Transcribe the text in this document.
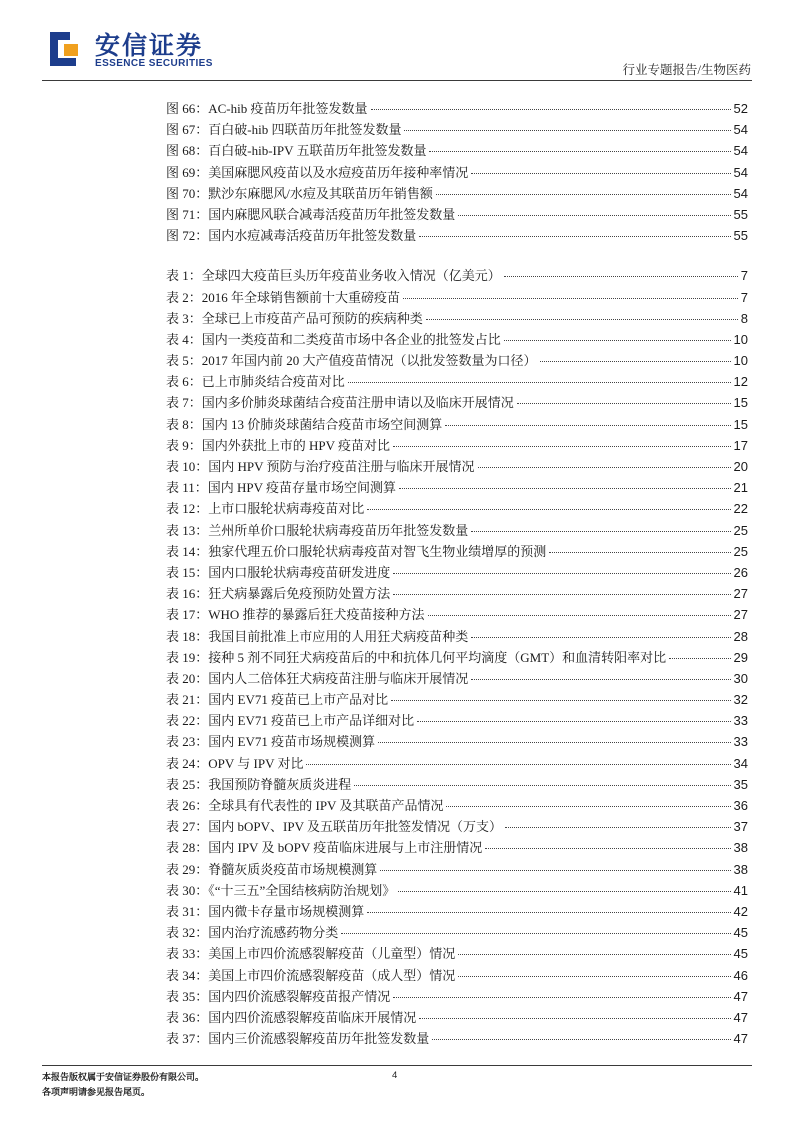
安信证券
ESSENCE SECURITIES	行业专题报告/生物医药
图 66：AC-hib 疫苗历年批签发数量	52
图 67：百白破-hib 四联苗历年批签发数量	54
图 68：百白破-hib-IPV 五联苗历年批签发数量	54
图 69：美国麻腮风疫苗以及水痘疫苗历年接种率情况	54
图 70：默沙东麻腮风/水痘及其联苗历年销售额	54
图 71：国内麻腮风联合减毒活疫苗历年批签发数量	55
图 72：国内水痘减毒活疫苗历年批签发数量	55
表 1：全球四大疫苗巨头历年疫苗业务收入情况（亿美元）	7
表 2：2016 年全球销售额前十大重磅疫苗	7
表 3：全球已上市疫苗产品可预防的疾病种类	8
表 4：国内一类疫苗和二类疫苗市场中各企业的批签发占比	10
表 5：2017 年国内前 20 大产值疫苗情况（以批发签数量为口径）	10
表 6：已上市肺炎结合疫苗对比	12
表 7：国内多价肺炎球菌结合疫苗注册申请以及临床开展情况	15
表 8：国内 13 价肺炎球菌结合疫苗市场空间测算	15
表 9：国内外获批上市的 HPV 疫苗对比	17
表 10：国内 HPV 预防与治疗疫苗注册与临床开展情况	20
表 11：国内 HPV 疫苗存量市场空间测算	21
表 12：上市口服轮状病毒疫苗对比	22
表 13：兰州所单价口服轮状病毒疫苗历年批签发数量	25
表 14：独家代理五价口服轮状病毒疫苗对智飞生物业绩增厚的预测	25
表 15：国内口服轮状病毒疫苗研发进度	26
表 16：狂犬病暴露后免疫预防处置方法	27
表 17：WHO 推荐的暴露后狂犬疫苗接种方法	27
表 18：我国目前批准上市应用的人用狂犬病疫苗种类	28
表 19：接种 5 剂不同狂犬病疫苗后的中和抗体几何平均滴度（GMT）和血清转阳率对比	29
表 20：国内人二倍体狂犬病疫苗注册与临床开展情况	30
表 21：国内 EV71 疫苗已上市产品对比	32
表 22：国内 EV71 疫苗已上市产品详细对比	33
表 23：国内 EV71 疫苗市场规模测算	33
表 24：OPV 与 IPV 对比	34
表 25：我国预防脊髓灰质炎进程	35
表 26：全球具有代表性的 IPV 及其联苗产品情况	36
表 27：国内 bOPV、IPV 及五联苗历年批签发情况（万支）	37
表 28：国内 IPV 及 bOPV 疫苗临床进展与上市注册情况	38
表 29：脊髓灰质炎疫苗市场规模测算	38
表 30：《“十三五”全国结核病防治规划》	41
表 31：国内微卡存量市场规模测算	42
表 32：国内治疗流感药物分类	45
表 33：美国上市四价流感裂解疫苗（儿童型）情况	45
表 34：美国上市四价流感裂解疫苗（成人型）情况	46
表 35：国内四价流感裂解疫苗报产情况	47
表 36：国内四价流感裂解疫苗临床开展情况	47
表 37：国内三价流感裂解疫苗历年批签发数量	47
本报告版权属于安信证券股份有限公司。
各项声明请参见报告尾页。
4
